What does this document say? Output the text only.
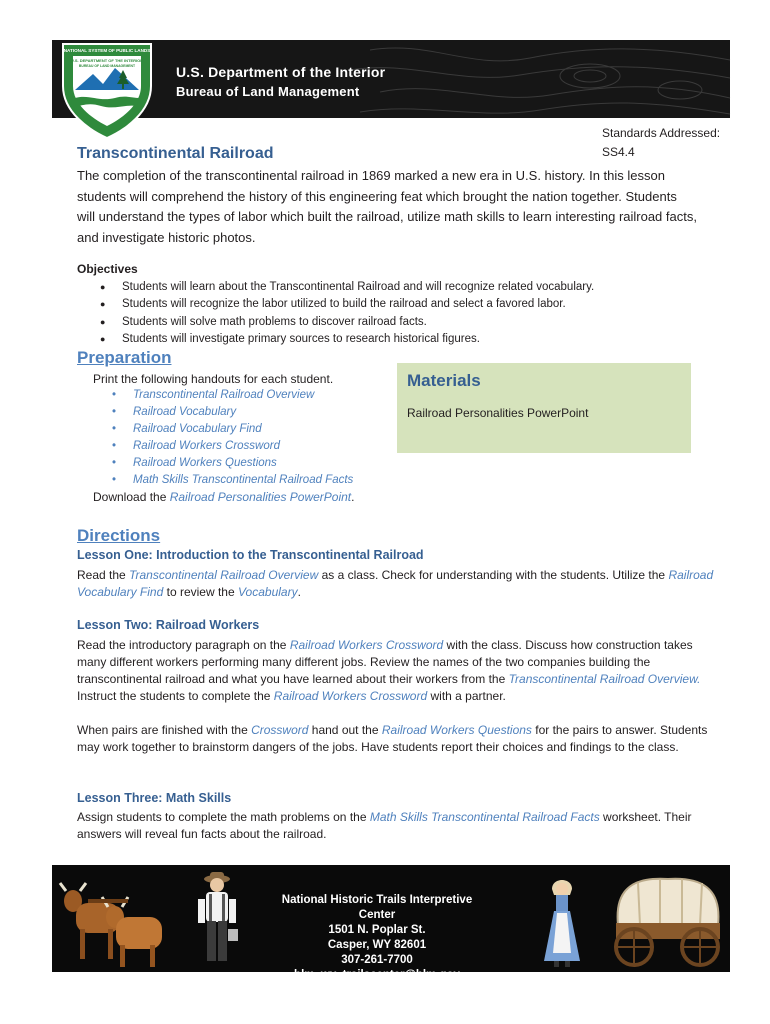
U.S. Department of the Interior
Bureau of Land Management
NATIONAL SYSTEM OF PUBLIC LANDS
U.S. DEPARTMENT OF THE INTERIOR
BUREAU OF LAND MANAGEMENT
Standards Addressed:
SS4.4
Transcontinental Railroad
The completion of the transcontinental railroad in 1869 marked a new era in U.S. history. In this lesson students will comprehend the history of this engineering feat which brought the nation together. Students will understand the types of labor which built the railroad, utilize math skills to learn interesting railroad facts, and investigate historic photos.
Objectives
● Students will learn about the Transcontinental Railroad and will recognize related vocabulary.
● Students will recognize the labor utilized to build the railroad and select a favored labor.
● Students will solve math problems to discover railroad facts.
● Students will investigate primary sources to research historical figures.
Preparation
Print the following handouts for each student.
• Transcontinental Railroad Overview
• Railroad Vocabulary
• Railroad Vocabulary Find
• Railroad Workers Crossword
• Railroad Workers Questions
• Math Skills Transcontinental Railroad Facts
Download the Railroad Personalities PowerPoint.
Materials
Railroad Personalities PowerPoint
Directions
Lesson One: Introduction to the Transcontinental Railroad
Read the Transcontinental Railroad Overview as a class. Check for understanding with the students. Utilize the Railroad Vocabulary Find to review the Vocabulary.
Lesson Two: Railroad Workers
Read the introductory paragraph on the Railroad Workers Crossword with the class. Discuss how construction takes many different workers performing many different jobs. Review the names of the two companies building the transcontinental railroad and what you have learned about their workers from the Transcontinental Railroad Overview. Instruct the students to complete the Railroad Workers Crossword with a partner.
When pairs are finished with the Crossword hand out the Railroad Workers Questions for the pairs to answer. Students may work together to brainstorm dangers of the jobs. Have students report their choices and findings to the class.
Lesson Three: Math Skills
Assign students to complete the math problems on the Math Skills Transcontinental Railroad Facts worksheet. Their answers will reveal fun facts about the railroad.
National Historic Trails Interpretive Center
1501 N. Poplar St.
Casper, WY 82601
307-261-7700
blm_wy_trailscenter@blm.gov
